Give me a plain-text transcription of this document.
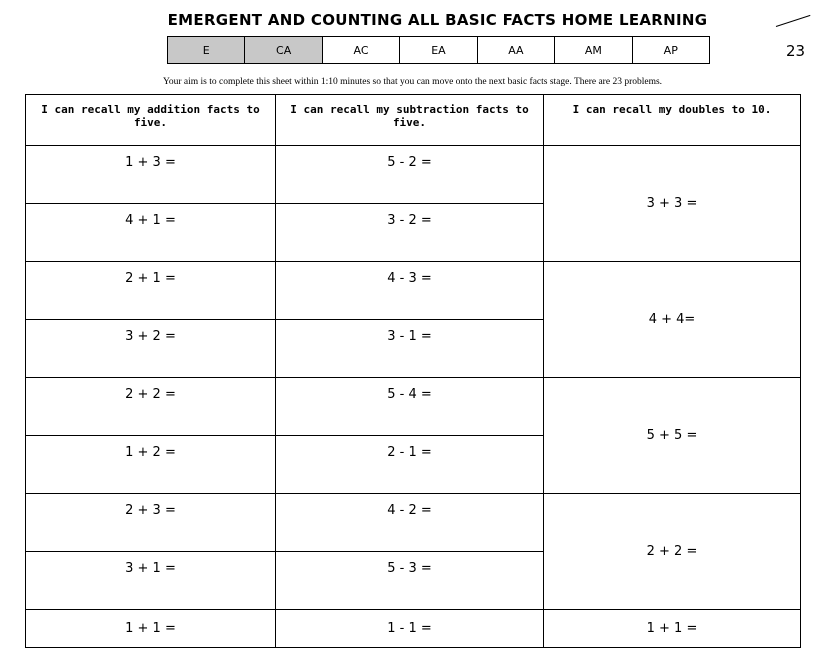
EMERGENT AND COUNTING ALL BASIC FACTS HOME LEARNING
E	CA	AC	EA	AA	AM	AP	23
Your aim is to complete this sheet within 1:10 minutes so that you can move onto the next basic facts stage. There are 23 problems.
I can recall my addition facts to five.	I can recall my subtraction facts to five.	I can recall my doubles to 10.
1 + 3 =	5 - 2 =	3 + 3 =
4 + 1 =	3 - 2 =	
2 + 1 =	4 - 3 =	4 + 4=
3 + 2 =	3 - 1 =	
2 + 2 =	5 - 4 =	5 + 5 =
1 + 2 =	2 - 1 =	
2 + 3 =	4 - 2 =	2 + 2 =
3 + 1 =	5 - 3 =	
1 + 1 =	1 - 1 =	1 + 1 =
